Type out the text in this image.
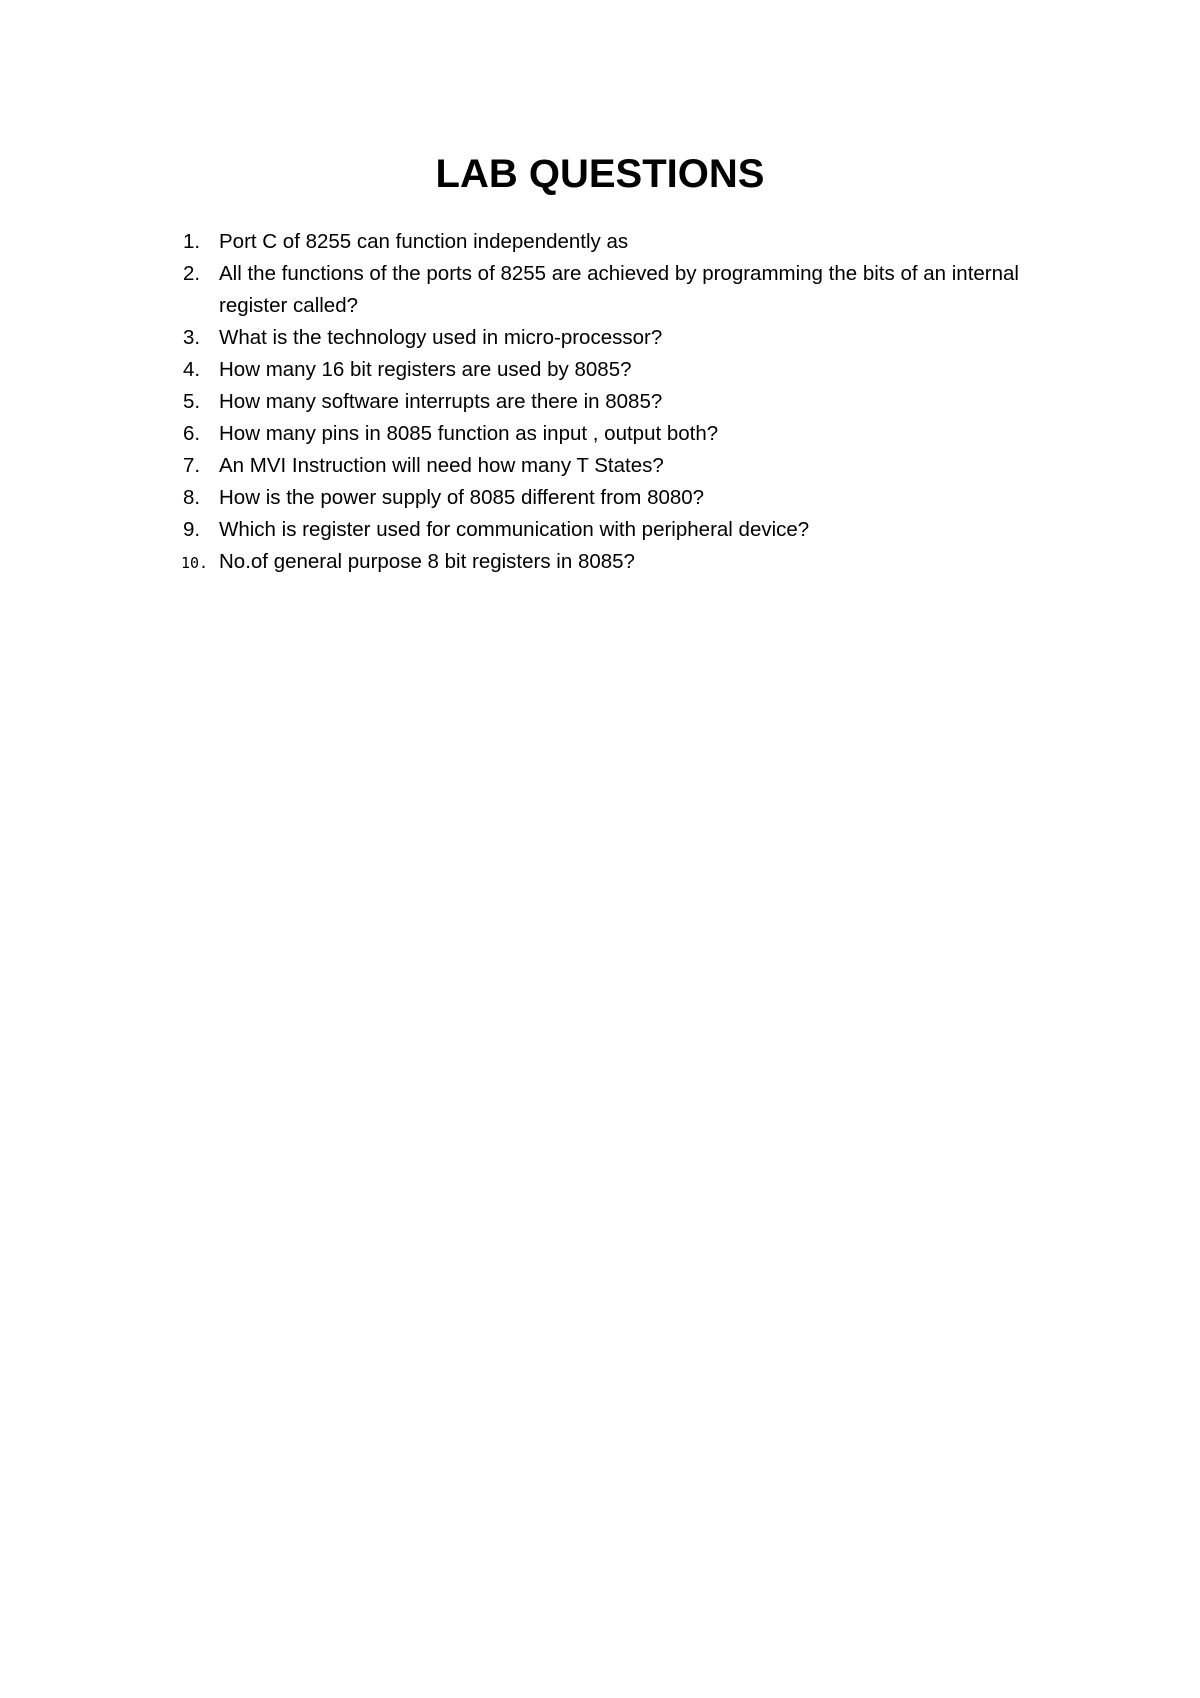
LAB QUESTIONS
1. Port C of 8255 can function independently as
2. All the functions of the ports of 8255 are achieved by programming the bits of an internal register called?
3. What is the technology used in micro-processor?
4. How many 16 bit registers are used by 8085?
5. How many software interrupts are there in 8085?
6. How many pins in 8085 function as input , output both?
7. An MVI Instruction will need how many T States?
8. How is the power supply of 8085 different from 8080?
9. Which is register used for communication with peripheral device?
10. No.of general purpose 8 bit registers in 8085?
